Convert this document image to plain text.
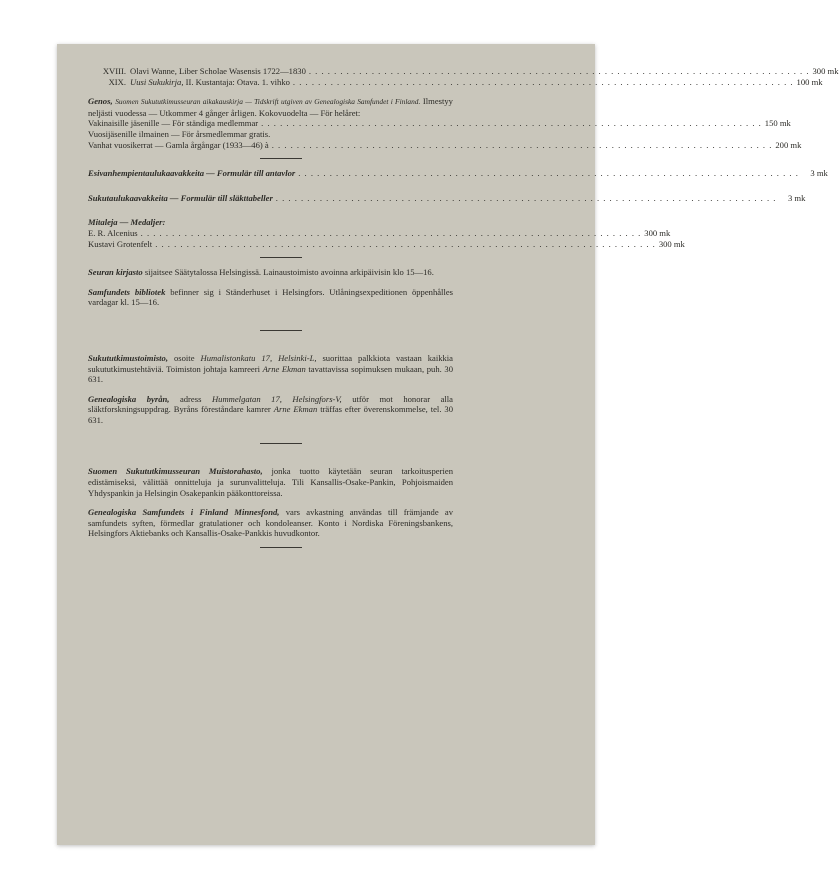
XVIII. Olavi Wanne, Liber Scholae Wasensis 1722—1830 . . .	300 mk
XIX. Uusi Sukukirja, II. Kustantaja: Otava. 1. vihko . . .	100 mk
Genos, Suomen Sukututkimusseuran aikakauskirja — Tidskrift utgiven av Genealogiska Samfundet i Finland. Ilmestyy neljästi vuodessa — Utkommer 4 gånger årligen. Kokovuodelta — För helåret:
Vakinaisille jäsenille — För ständiga medlemmar . . .	150 mk
Vuosijäsenille ilmainen — För årsmedlemmar gratis.
Vanhat vuosikerrat — Gamla årgångar (1933—46) à . . .	200 mk
Esivanhempientaulukaavakkeita — Formulär till antavlor . . .	3 mk
Sukutaulukaavakkeita — Formulär till släkttabeller . . .	3 mk
Mitaleja — Medaljer:
E. R. Alcenius . . .	300 mk
Kustavi Grotenfelt . . .	300 mk
Seuran kirjasto sijaitsee Säätytalossa Helsingissä. Lainaustoimisto avoinna arkipäivisin klo 15—16.
Samfundets bibliotek befinner sig i Ständerhuset i Helsingfors. Utlåningsexpeditionen öppenhålles vardagar kl. 15—16.
Sukututkimustoimisto, osoite Humalistonkatu 17, Helsinki-L, suorittaa palkkiota vastaan kaikkia sukututkimustehtäviä. Toimiston johtaja kamreeri Arne Ekman tavattavissa sopimuksen mukaan, puh. 30 631.
Genealogiska byrån, adress Hummelgatan 17, Helsingfors-V, utför mot honorar alla släktforskningsuppdrag. Byråns föreståndare kamrer Arne Ekman träffas efter överenskommelse, tel. 30 631.
Suomen Sukututkimusseuran Muistorahasto, jonka tuotto käytetään seuran tarkoitusperien edistämiseksi, välittää onnitteluja ja surunvalitteluja. Tili Kansallis-Osake-Pankin, Pohjoismaiden Yhdyspankin ja Helsingin Osakepankin pääkonttoreissa.
Genealogiska Samfundets i Finland Minnesfond, vars avkastning användas till främjande av samfundets syften, förmedlar gratulationer och kondoleanser. Konto i Nordiska Föreningsbankens, Helsingfors Aktiebanks och Kansallis-Osake-Pankkis huvudkontor.
